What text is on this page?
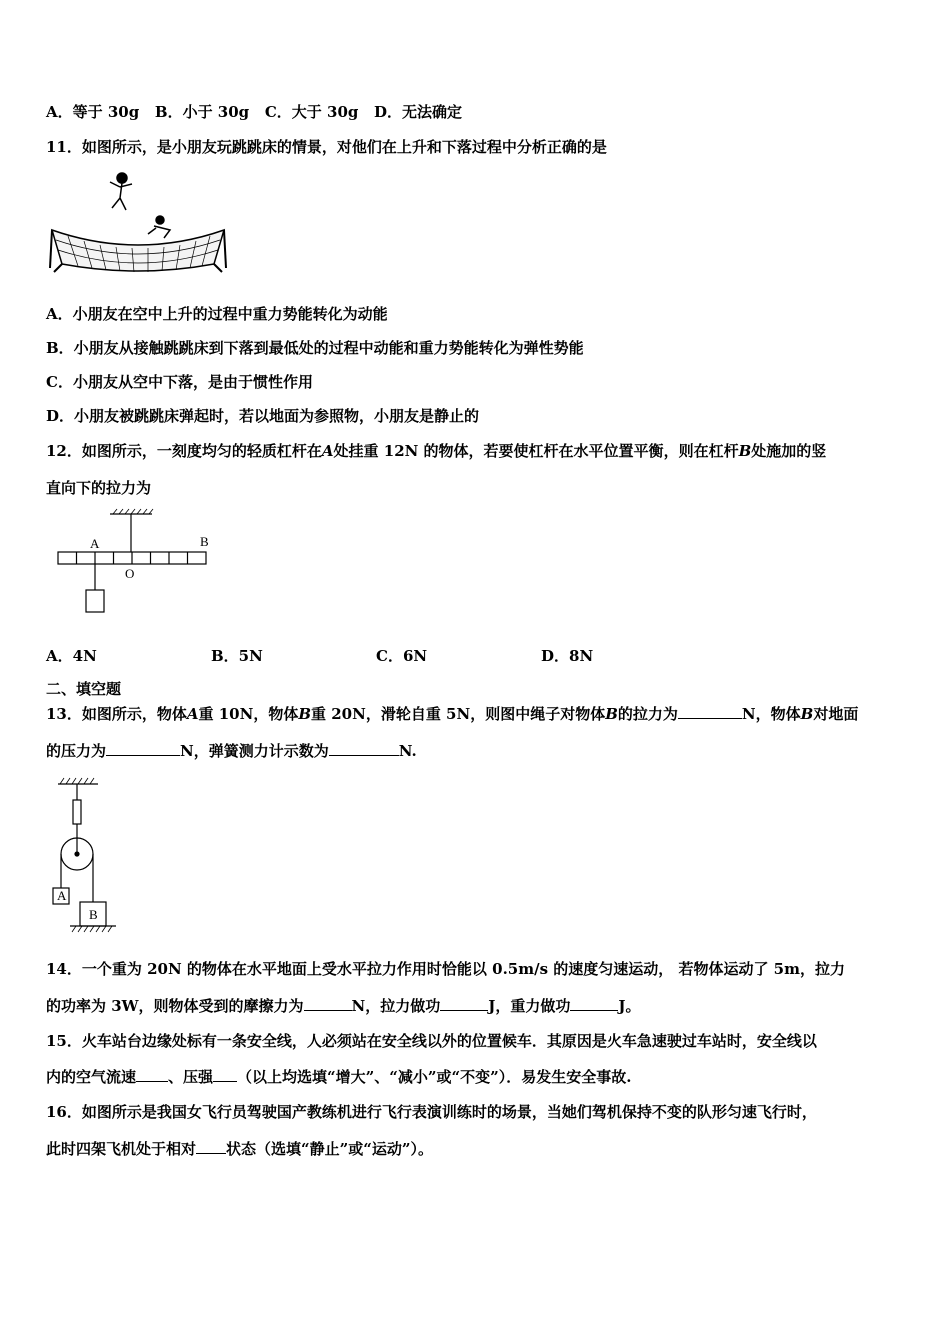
A．等于 30g B．小于 30g C．大于 30g D．无法确定
11．如图所示，是小朋友玩跳跳床的情景，对他们在上升和下落过程中分析正确的是
A．小朋友在空中上升的过程中重力势能转化为动能
B．小朋友从接触跳跳床到下落到最低处的过程中动能和重力势能转化为弹性势能
C．小朋友从空中下落，是由于惯性作用
D．小朋友被跳跳床弹起时，若以地面为参照物，小朋友是静止的
12．如图所示，一刻度均匀的轻质杠杆在A处挂重 12N 的物体，若要使杠杆在水平位置平衡，则在杠杆B处施加的竖
直向下的拉力为
A
O
B
A．4N	B．5N	C．6N	D．8N
二、填空题
13．如图所示，物体A重 10N，物体B重 20N，滑轮自重 5N，则图中绳子对物体B的拉力为	N，物体B对地面
的压力为	N，弹簧测力计示数为	N.
A
B
14．一个重为 20N 的物体在水平地面上受水平拉力作用时恰能以 0.5m/s 的速度匀速运动， 若物体运动了 5m，拉力
的功率为 3W，则物体受到的摩擦力为	N，拉力做功	J，重力做功	J。
15．火车站台边缘处标有一条安全线，人必须站在安全线以外的位置候车．其原因是火车急速驶过车站时，安全线以
内的空气流速 、压强 （以上均选填“增大”、“减小”或“不变”）．易发生安全事故.
16．如图所示是我国女飞行员驾驶国产教练机进行飞行表演训练时的场景，当她们驾机保持不变的队形匀速飞行时，
此时四架飞机处于相对 状态（选填“静止”或“运动”）。
